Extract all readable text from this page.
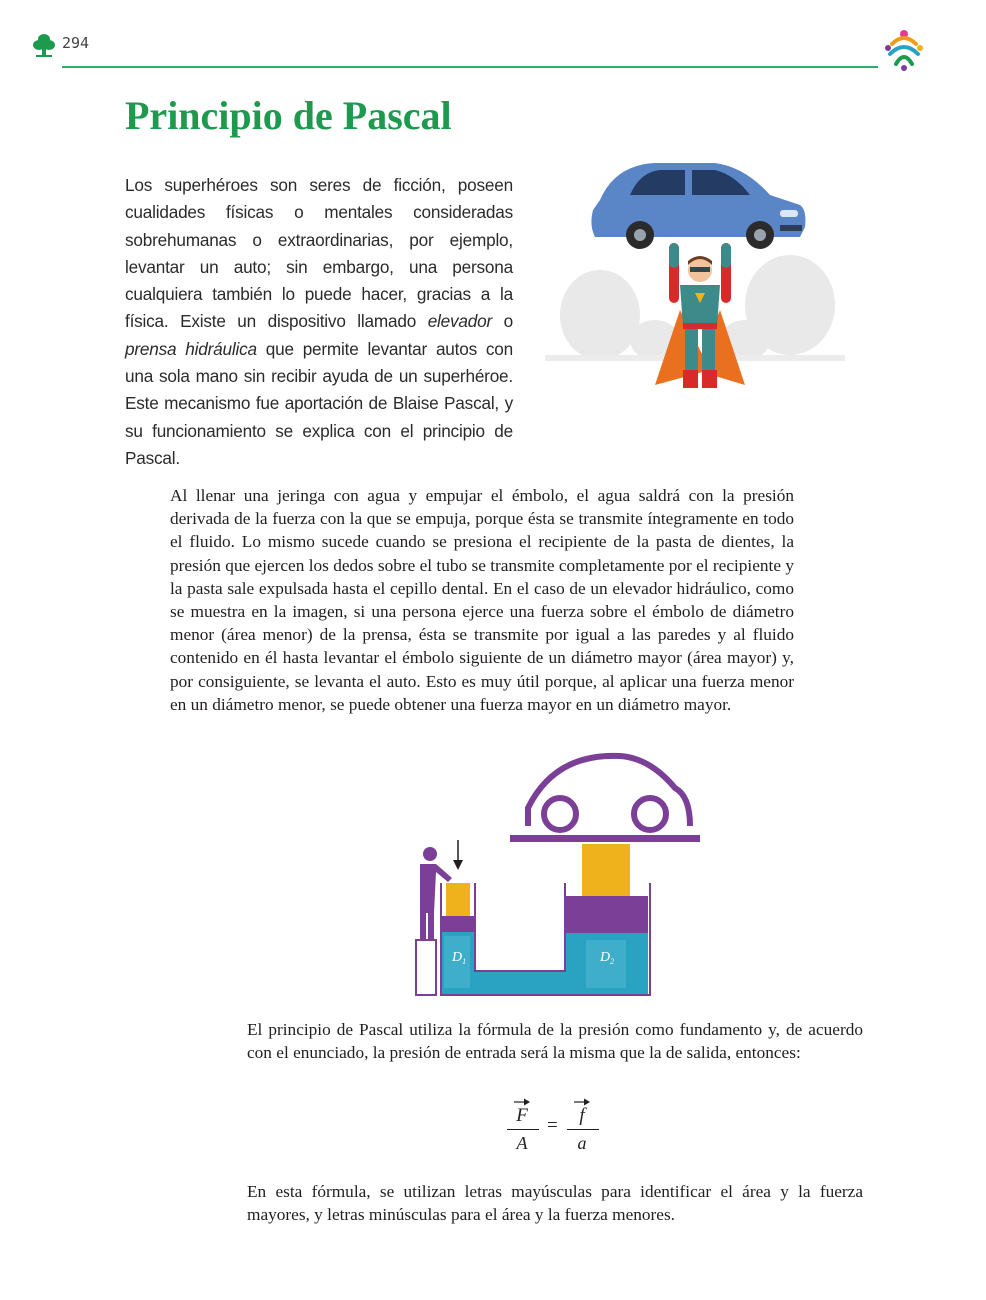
294
Principio de Pascal

Los superhéroes son seres de ficción, poseen cualidades físicas o mentales consideradas sobrehumanas o extraordinarias, por ejemplo, levantar un auto; sin embargo, una persona cualquiera también lo puede hacer, gracias a la física. Existe un dispositivo llamado elevador o prensa hidráulica que permite levantar autos con una sola mano sin recibir ayuda de un superhéroe. Este mecanismo fue aportación de Blaise Pascal, y su funcionamiento se explica con el principio de Pascal.

Al llenar una jeringa con agua y empujar el émbolo, el agua saldrá con la presión derivada de la fuerza con la que se empuja, porque ésta se transmite íntegramente en todo el fluido. Lo mismo sucede cuando se presiona el recipiente de la pasta de dientes, la presión que ejercen los dedos sobre el tubo se transmite completamente por el recipiente y la pasta sale expulsada hasta el cepillo dental. En el caso de un elevador hidráulico, como se muestra en la imagen, si una persona ejerce una fuerza sobre el émbolo de diámetro menor (área menor) de la prensa, ésta se transmite por igual a las paredes y al fluido contenido en él hasta levantar el émbolo siguiente de un diámetro mayor (área mayor) y, por consiguiente, se levanta el auto. Esto es muy útil porque, al aplicar una fuerza menor en un diámetro menor, se puede obtener una fuerza mayor en un diámetro mayor.

$D_1$	$D_2$

El principio de Pascal utiliza la fórmula de la presión como fundamento y, de acuerdo con el enunciado, la presión de entrada será la misma que la de salida, entonces:

F
A
=	f
a

En esta fórmula, se utilizan letras mayúsculas para identificar el área y la fuerza mayores, y letras minúsculas para el área y la fuerza menores.
